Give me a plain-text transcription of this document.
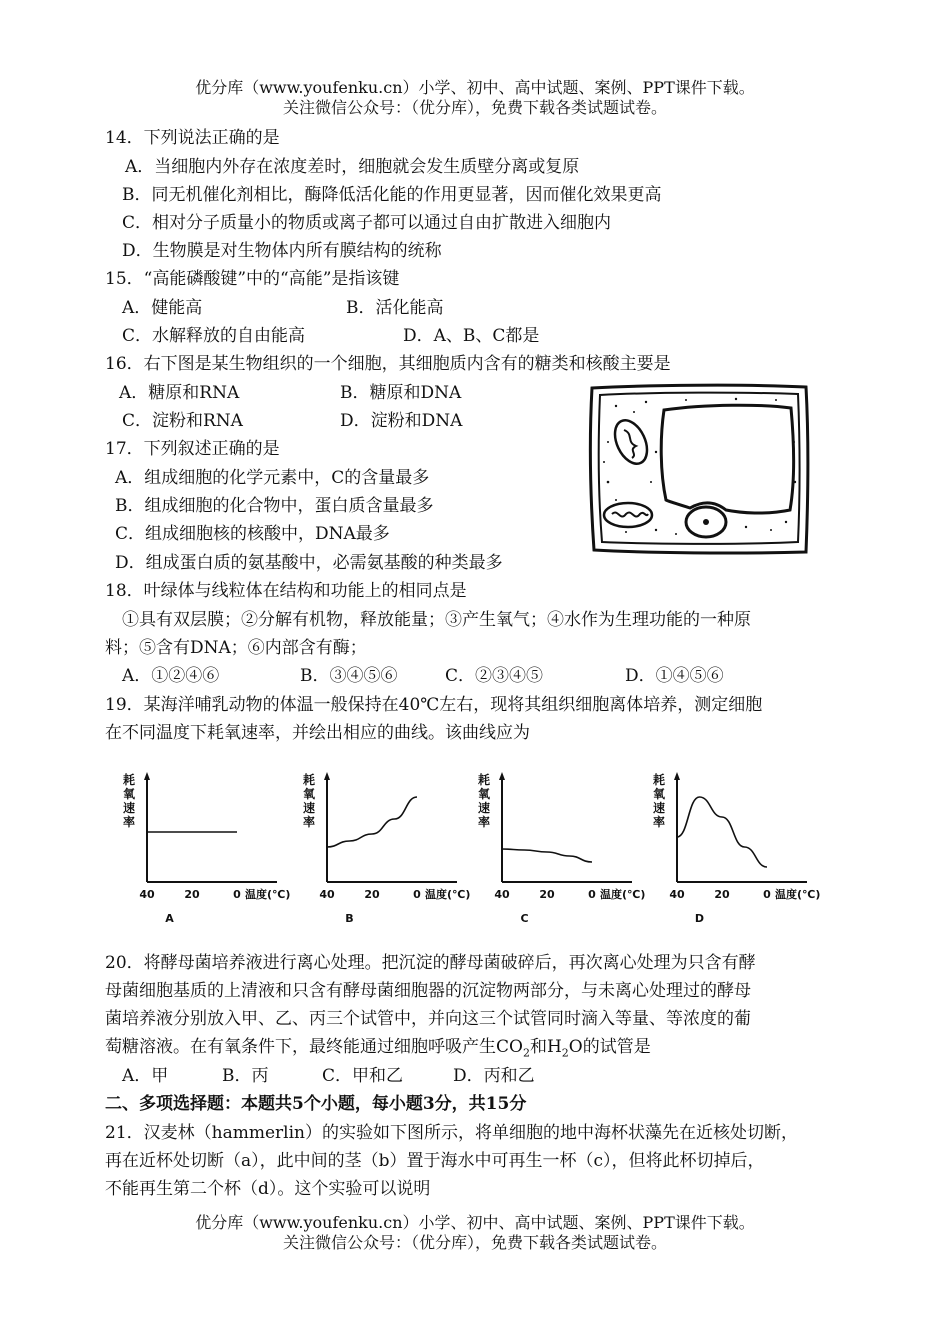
优分库（www.youfenku.cn）小学、初中、高中试题、案例、PPT课件下载。
关注微信公众号：（优分库），免费下载各类试题试卷。
14．下列说法正确的是
A．当细胞内外存在浓度差时，细胞就会发生质壁分离或复原
B．同无机催化剂相比，酶降低活化能的作用更显著，因而催化效果更高
C．相对分子质量小的物质或离子都可以通过自由扩散进入细胞内
D．生物膜是对生物体内所有膜结构的统称
15．“高能磷酸键”中的“高能”是指该键
A．健能高	B．活化能高
C．水解释放的自由能高	D．A、B、C都是
16．右下图是某生物组织的一个细胞，其细胞质内含有的糖类和核酸主要是
A．糖原和RNA	B．糖原和DNA
C．淀粉和RNA	D．淀粉和DNA
17．下列叙述正确的是
A．组成细胞的化学元素中，C的含量最多
B．组成细胞的化合物中，蛋白质含量最多
C．组成细胞核的核酸中，DNA最多
D．组成蛋白质的氨基酸中，必需氨基酸的种类最多
18．叶绿体与线粒体在结构和功能上的相同点是
①具有双层膜；②分解有机物，释放能量；③产生氧气；④水作为生理功能的一种原
料；⑤含有DNA；⑥内部含有酶；
A．①②④⑥	B．③④⑤⑥	C．②③④⑤	D．①④⑤⑥
19．某海洋哺乳动物的体温一般保持在40℃左右，现将其组织细胞离体培养，测定细胞
在不同温度下耗氧速率，并绘出相应的曲线。该曲线应为
耗氧速率
40	20	0 温度(℃)
A
耗氧速率
40	20	0 温度(℃)
B
耗氧速率
40	20	0 温度(℃)
C
耗氧速率
40	20	0 温度(℃)
D
20．将酵母菌培养液进行离心处理。把沉淀的酵母菌破碎后，再次离心处理为只含有酵
母菌细胞基质的上清液和只含有酵母菌细胞器的沉淀物两部分，与未离心处理过的酵母
菌培养液分别放入甲、乙、丙三个试管中，并向这三个试管同时滴入等量、等浓度的葡
萄糖溶液。在有氧条件下，最终能通过细胞呼吸产生$CO_2$和$H_2O$的试管是
A．甲	B．丙	C．甲和乙	D．丙和乙
二、多项选择题：本题共5个小题，每小题3分，共15分
21．汉麦林（hammerlin）的实验如下图所示，将单细胞的地中海杯状藻先在近核处切断，
再在近杯处切断（a），此中间的茎（b）置于海水中可再生一杯（c），但将此杯切掉后，
不能再生第二个杯（d）。这个实验可以说明
优分库（www.youfenku.cn）小学、初中、高中试题、案例、PPT课件下载。
关注微信公众号：（优分库），免费下载各类试题试卷。
